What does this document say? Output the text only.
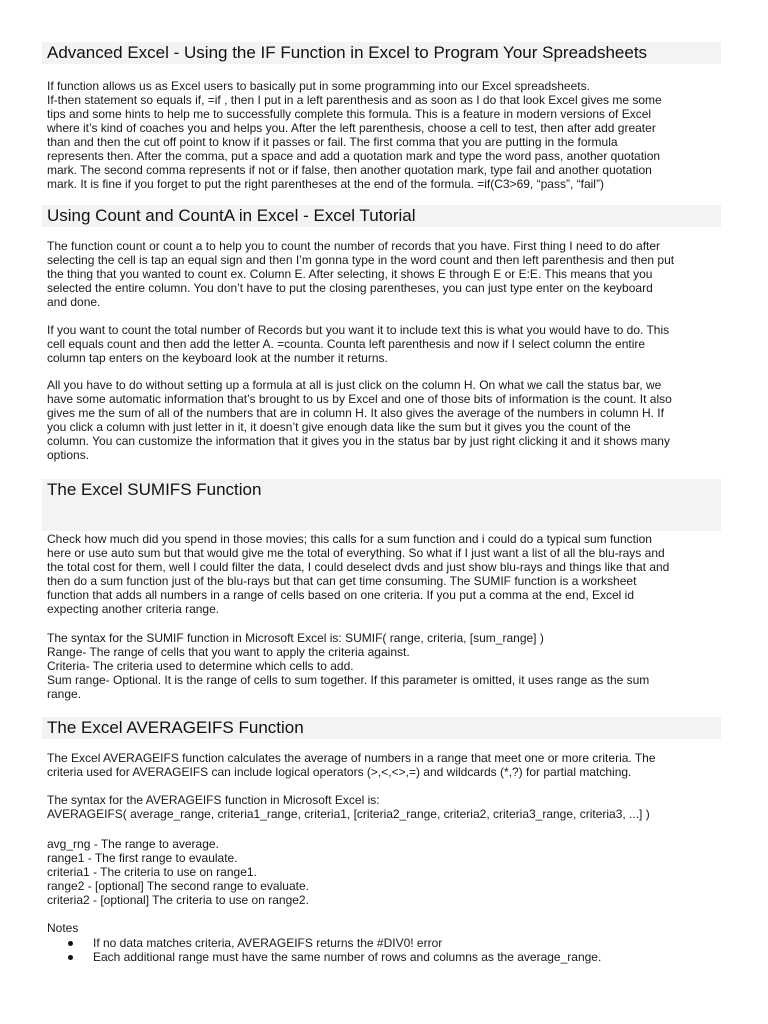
Advanced Excel - Using the IF Function in Excel to Program Your Spreadsheets

If function allows us as Excel users to basically put in some programming into our Excel spreadsheets.
If-then statement so equals if, =if , then I put in a left parenthesis and as soon as I do that look Excel gives me some
tips and some hints to help me to successfully complete this formula. This is a feature in modern versions of Excel
where it’s kind of coaches you and helps you. After the left parenthesis, choose a cell to test, then after add greater
than and then the cut off point to know if it passes or fail. The first comma that you are putting in the formula
represents then. After the comma, put a space and add a quotation mark and type the word pass, another quotation
mark. The second comma represents if not or if false, then another quotation mark, type fail and another quotation
mark. It is fine if you forget to put the right parentheses at the end of the formula. =if(C3>69, “pass”, “fail”)

Using Count and CountA in Excel - Excel Tutorial

The function count or count a to help you to count the number of records that you have. First thing I need to do after
selecting the cell is tap an equal sign and then I’m gonna type in the word count and then left parenthesis and then put
the thing that you wanted to count ex. Column E. After selecting, it shows E through E or E:E. This means that you
selected the entire column. You don’t have to put the closing parentheses, you can just type enter on the keyboard
and done.

If you want to count the total number of Records but you want it to include text this is what you would have to do. This
cell equals count and then add the letter A. =counta. Counta left parenthesis and now if I select column the entire
column tap enters on the keyboard look at the number it returns.

All you have to do without setting up a formula at all is just click on the column H. On what we call the status bar, we
have some automatic information that’s brought to us by Excel and one of those bits of information is the count. It also
gives me the sum of all of the numbers that are in column H. It also gives the average of the numbers in column H. If
you click a column with just letter in it, it doesn’t give enough data like the sum but it gives you the count of the
column. You can customize the information that it gives you in the status bar by just right clicking it and it shows many
options.

The Excel SUMIFS Function

Check how much did you spend in those movies; this calls for a sum function and i could do a typical sum function
here or use auto sum but that would give me the total of everything. So what if I just want a list of all the blu-rays and
the total cost for them, well I could filter the data, I could deselect dvds and just show blu-rays and things like that and
then do a sum function just of the blu-rays but that can get time consuming. The SUMIF function is a worksheet
function that adds all numbers in a range of cells based on one criteria. If you put a comma at the end, Excel id
expecting another criteria range.

The syntax for the SUMIF function in Microsoft Excel is: SUMIF( range, criteria, [sum_range] )
Range- The range of cells that you want to apply the criteria against.
Criteria- The criteria used to determine which cells to add.
Sum range- Optional. It is the range of cells to sum together. If this parameter is omitted, it uses range as the sum
range.

The Excel AVERAGEIFS Function

The Excel AVERAGEIFS function calculates the average of numbers in a range that meet one or more criteria. The
criteria used for AVERAGEIFS can include logical operators (>,<,<>,=) and wildcards (*,?) for partial matching.

The syntax for the AVERAGEIFS function in Microsoft Excel is:
AVERAGEIFS( average_range, criteria1_range, criteria1, [criteria2_range, criteria2, criteria3_range, criteria3, ...] )

avg_rng - The range to average.
range1 - The first range to evaulate.
criteria1 - The criteria to use on range1.
range2 - [optional] The second range to evaluate.
criteria2 - [optional] The criteria to use on range2.

Notes

If no data matches criteria, AVERAGEIFS returns the #DIV0! error
Each additional range must have the same number of rows and columns as the average_range.
